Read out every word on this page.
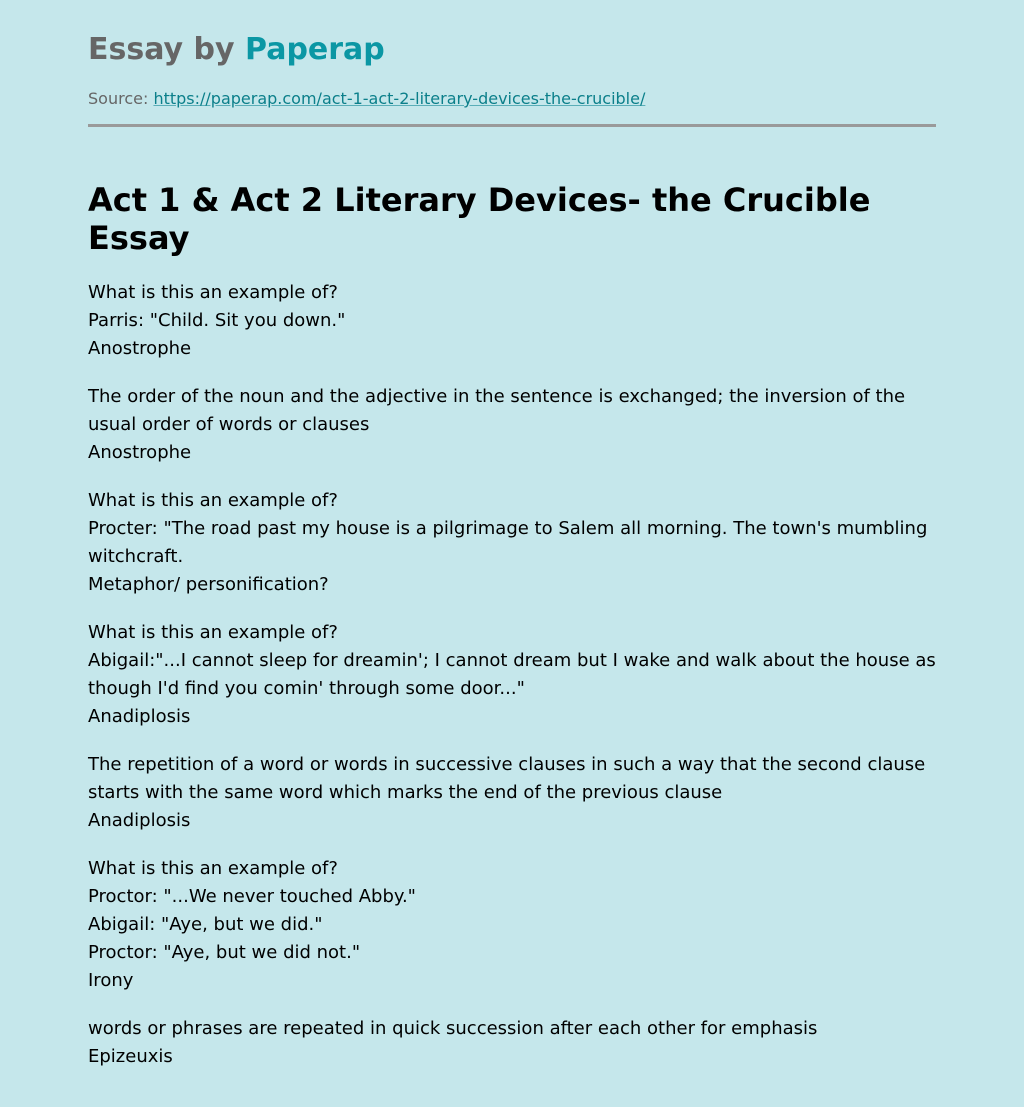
Essay by Paperap
Source: https://paperap.com/act-1-act-2-literary-devices-the-crucible/
Act 1 & Act 2 Literary Devices- the Crucible Essay

What is this an example of?
Parris: "Child. Sit you down."
Anostrophe

The order of the noun and the adjective in the sentence is exchanged; the inversion of the usual order of words or clauses
Anostrophe

What is this an example of?
Procter: "The road past my house is a pilgrimage to Salem all morning. The town's mumbling witchcraft.
Metaphor/ personification?

What is this an example of?
Abigail:"...I cannot sleep for dreamin'; I cannot dream but I wake and walk about the house as though I'd find you comin' through some door..."
Anadiplosis

The repetition of a word or words in successive clauses in such a way that the second clause starts with the same word which marks the end of the previous clause
Anadiplosis

What is this an example of?
Proctor: "...We never touched Abby."
Abigail: "Aye, but we did."
Proctor: "Aye, but we did not."
Irony

words or phrases are repeated in quick succession after each other for emphasis
Epizeuxis
